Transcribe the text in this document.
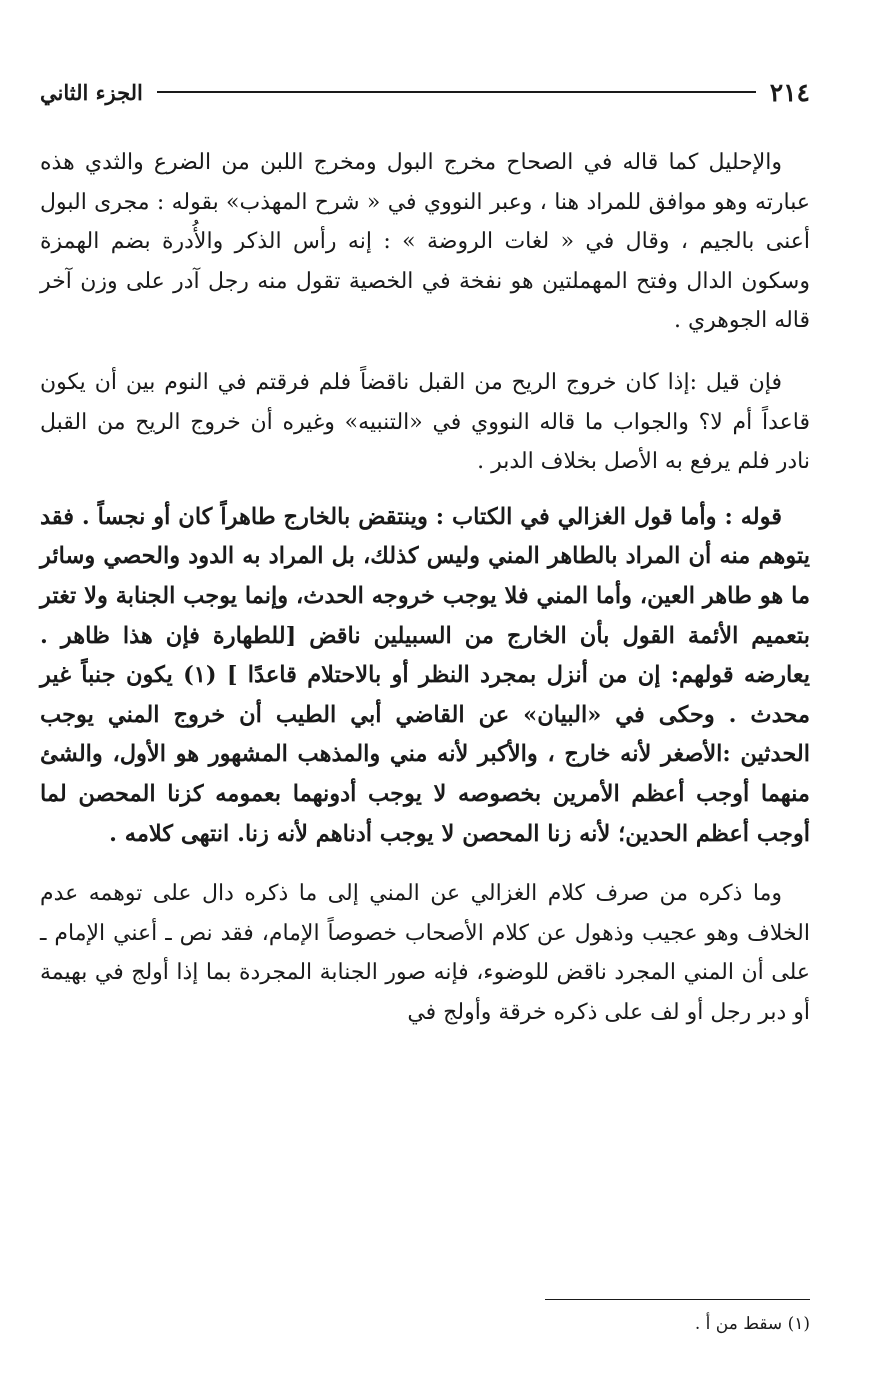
٢١٤
الجزء الثاني

والإحليل كما قاله في الصحاح مخرج البول ومخرج اللبن من الضرع والثدي هذه عبارته وهو موافق للمراد هنا ، وعبر النووي في « شرح المهذب» بقوله : مجرى البول أعنى بالجيم ، وقال في « لغات الروضة » : إنه رأس الذكر والأُدرة بضم الهمزة وسكون الدال وفتح المهملتين هو نفخة في الخصية تقول منه رجل آدر على وزن آخر قاله الجوهري .

فإن قيل :إذا كان خروج الريح من القبل ناقضاً فلم فرقتم في النوم بين أن يكون قاعداً أم لا؟ والجواب ما قاله النووي في «التنبيه» وغيره أن خروج الريح من القبل نادر فلم يرفع به الأصل بخلاف الدبر .

قوله : وأما قول الغزالي في الكتاب : وينتقض بالخارج طاهراً كان أو نجساً . فقد يتوهم منه أن المراد بالطاهر المني وليس كذلك، بل المراد به الدود والحصي وسائر ما هو طاهر العين، وأما المني فلا يوجب خروجه الحدث، وإنما يوجب الجنابة ولا تغتر بتعميم الأئمة القول بأن الخارج من السبيلين ناقض [للطهارة فإن هذا ظاهر . يعارضه قولهم: إن من أنزل بمجرد النظر أو بالاحتلام قاعدًا ] (١) يكون جنباً غير محدث . وحكى في «البيان» عن القاضي أبي الطيب أن خروج المني يوجب الحدثين :الأصغر لأنه خارج ، والأكبر لأنه مني والمذهب المشهور هو الأول، والشئ منهما أوجب أعظم الأمرين بخصوصه لا يوجب أدونهما بعمومه كزنا المحصن لما أوجب أعظم الحدين؛ لأنه زنا المحصن لا يوجب أدناهم لأنه زنا. انتهى كلامه .

وما ذكره من صرف كلام الغزالي عن المني إلى ما ذكره دال على توهمه عدم الخلاف وهو عجيب وذهول عن كلام الأصحاب خصوصاً الإمام، فقد نص ـ أعني الإمام ـ على أن المني المجرد ناقض للوضوء، فإنه صور الجنابة المجردة بما إذا أولج في بهيمة أو دبر رجل أو لف على ذكره خرقة وأولج في

(١) سقط من أ .
